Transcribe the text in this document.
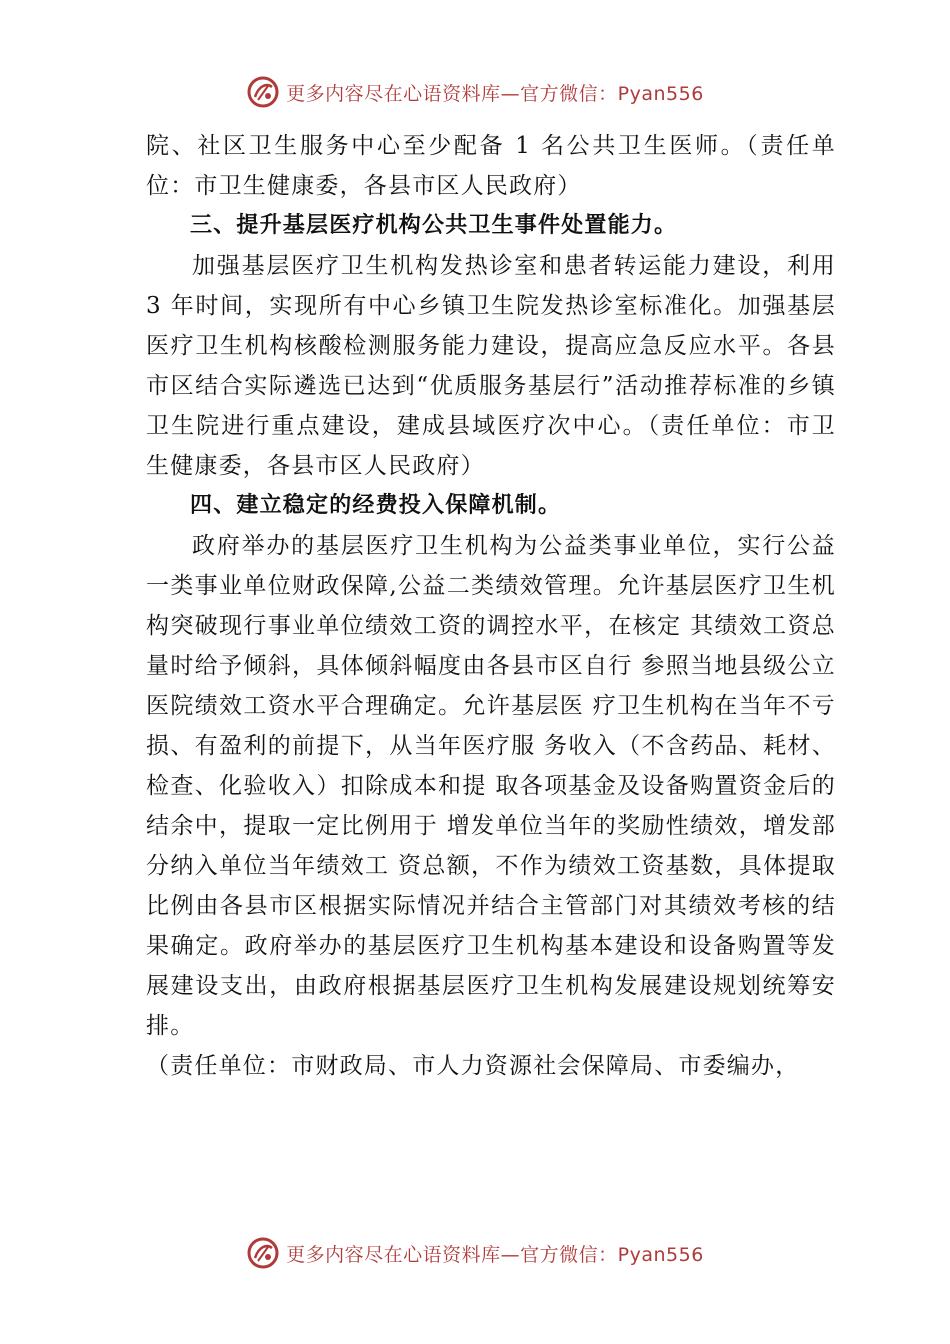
更多内容尽在心语资料库—官方微信：Pyan556

院、社区卫生服务中心至少配备 1 名公共卫生医师。（责任单位：市卫生健康委，各县市区人民政府）

三、提升基层医疗机构公共卫生事件处置能力。

加强基层医疗卫生机构发热诊室和患者转运能力建设，利用 3 年时间，实现所有中心乡镇卫生院发热诊室标准化。加强基层医疗卫生机构核酸检测服务能力建设，提高应急反应水平。各县市区结合实际遴选已达到“优质服务基层行”活动推荐标准的乡镇卫生院进行重点建设，建成县域医疗次中心。（责任单位：市卫生健康委，各县市区人民政府）

四、建立稳定的经费投入保障机制。

政府举办的基层医疗卫生机构为公益类事业单位，实行公益一类事业单位财政保障,公益二类绩效管理。允许基层医疗卫生机构突破现行事业单位绩效工资的调控水平，在核定 其绩效工资总量时给予倾斜，具体倾斜幅度由各县市区自行 参照当地县级公立医院绩效工资水平合理确定。允许基层医 疗卫生机构在当年不亏损、有盈利的前提下，从当年医疗服 务收入（不含药品、耗材、检查、化验收入）扣除成本和提 取各项基金及设备购置资金后的结余中，提取一定比例用于 增发单位当年的奖励性绩效，增发部分纳入单位当年绩效工 资总额，不作为绩效工资基数，具体提取比例由各县市区根据实际情况并结合主管部门对其绩效考核的结果确定。政府举办的基层医疗卫生机构基本建设和设备购置等发展建设支出，由政府根据基层医疗卫生机构发展建设规划统筹安排。

（责任单位：市财政局、市人力资源社会保障局、市委编办，

更多内容尽在心语资料库—官方微信：Pyan556
